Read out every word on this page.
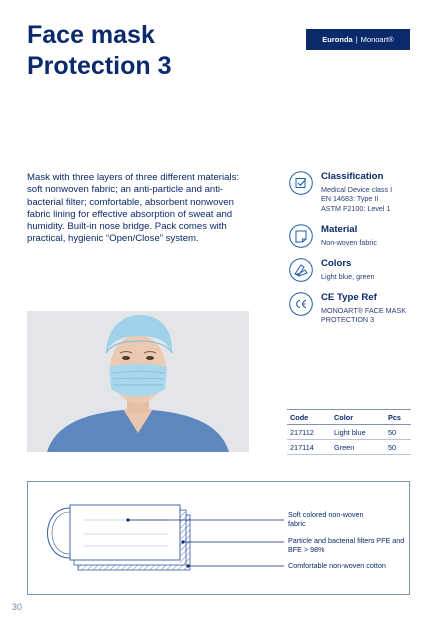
Face mask
Protection 3
Euronda | Monoart®
Mask with three layers of three different materials: soft nonwoven fabric; an anti-particle and anti-bacterial filter; comfortable, absorbent nonwoven fabric lining for effective absorption of sweat and humidity. Built-in nose bridge. Pack comes with practical, hygienic “Open/Close” system.
Classification
Medical Device class I
EN 14683: Type II
ASTM F2100: Level 1
Material
Non-woven fabric
Colors
Light blue, green
CE Type Ref
MONOART® FACE MASK
PROTECTION 3
Code	Color	Pcs
217112	Light blue	50
217114	Green	50
Soft colored non-woven fabric
Particle and bacterial filters PFE and BFE > 98%
Comfortable non-woven cotton
30
